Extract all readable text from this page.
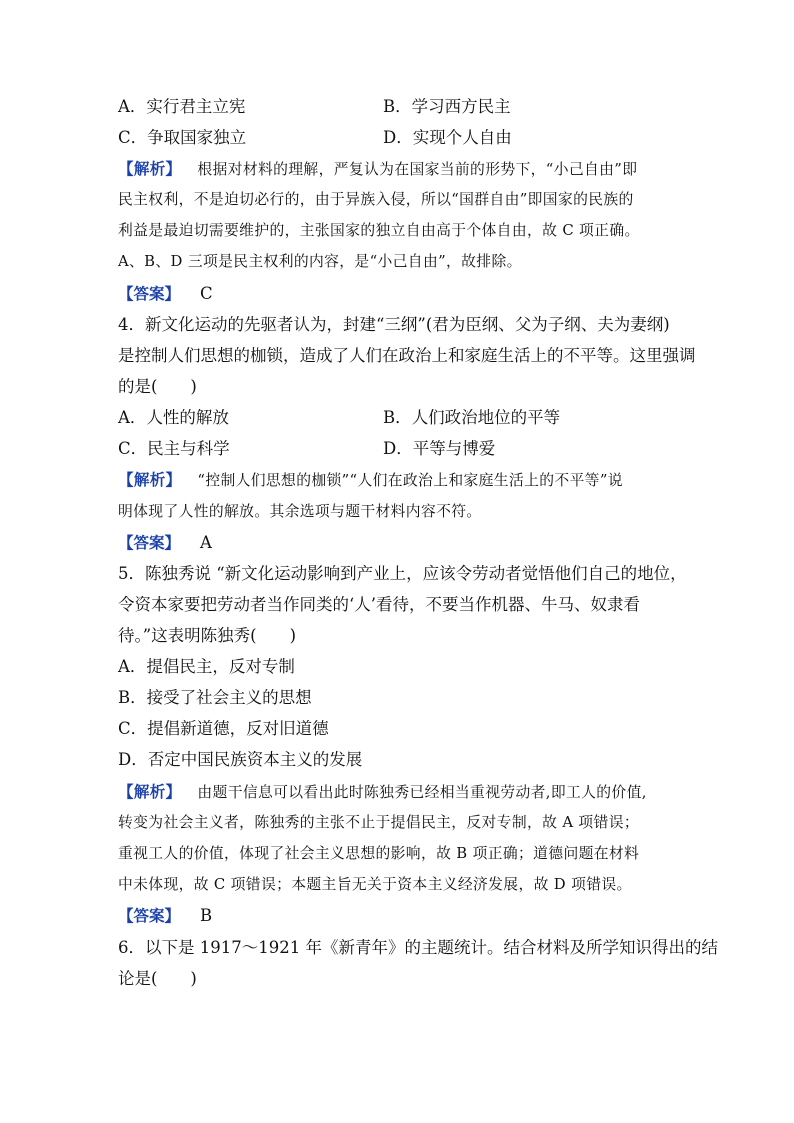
A．实行君主立宪	B．学习西方民主
C．争取国家独立	D．实现个人自由
【解析】 根据对材料的理解，严复认为在国家当前的形势下，“小己自由”即
民主权利，不是迫切必行的，由于异族入侵，所以“国群自由”即国家的民族的
利益是最迫切需要维护的，主张国家的独立自由高于个体自由，故 C 项正确。
A、B、D 三项是民主权利的内容，是“小己自由”，故排除。
【答案】 C
4．新文化运动的先驱者认为，封建“三纲”(君为臣纲、父为子纲、夫为妻纲)
是控制人们思想的枷锁，造成了人们在政治上和家庭生活上的不平等。这里强调
的是(　　)
A．人性的解放	B．人们政治地位的平等
C．民主与科学	D．平等与博爱
【解析】 “控制人们思想的枷锁”“人们在政治上和家庭生活上的不平等”说
明体现了人性的解放。其余选项与题干材料内容不符。
【答案】 A
5．陈独秀说 “新文化运动影响到产业上，应该令劳动者觉悟他们自己的地位，
令资本家要把劳动者当作同类的‘人’看待，不要当作机器、牛马、奴隶看
待。”这表明陈独秀(　　)
A．提倡民主，反对专制
B．接受了社会主义的思想
C．提倡新道德，反对旧道德
D．否定中国民族资本主义的发展
【解析】 由题干信息可以看出此时陈独秀已经相当重视劳动者,即工人的价值,
转变为社会主义者，陈独秀的主张不止于提倡民主，反对专制，故 A 项错误；
重视工人的价值，体现了社会主义思想的影响，故 B 项正确；道德问题在材料
中未体现，故 C 项错误；本题主旨无关于资本主义经济发展，故 D 项错误。
【答案】 B
6．以下是 1917～1921 年《新青年》的主题统计。结合材料及所学知识得出的结
论是(　　)
